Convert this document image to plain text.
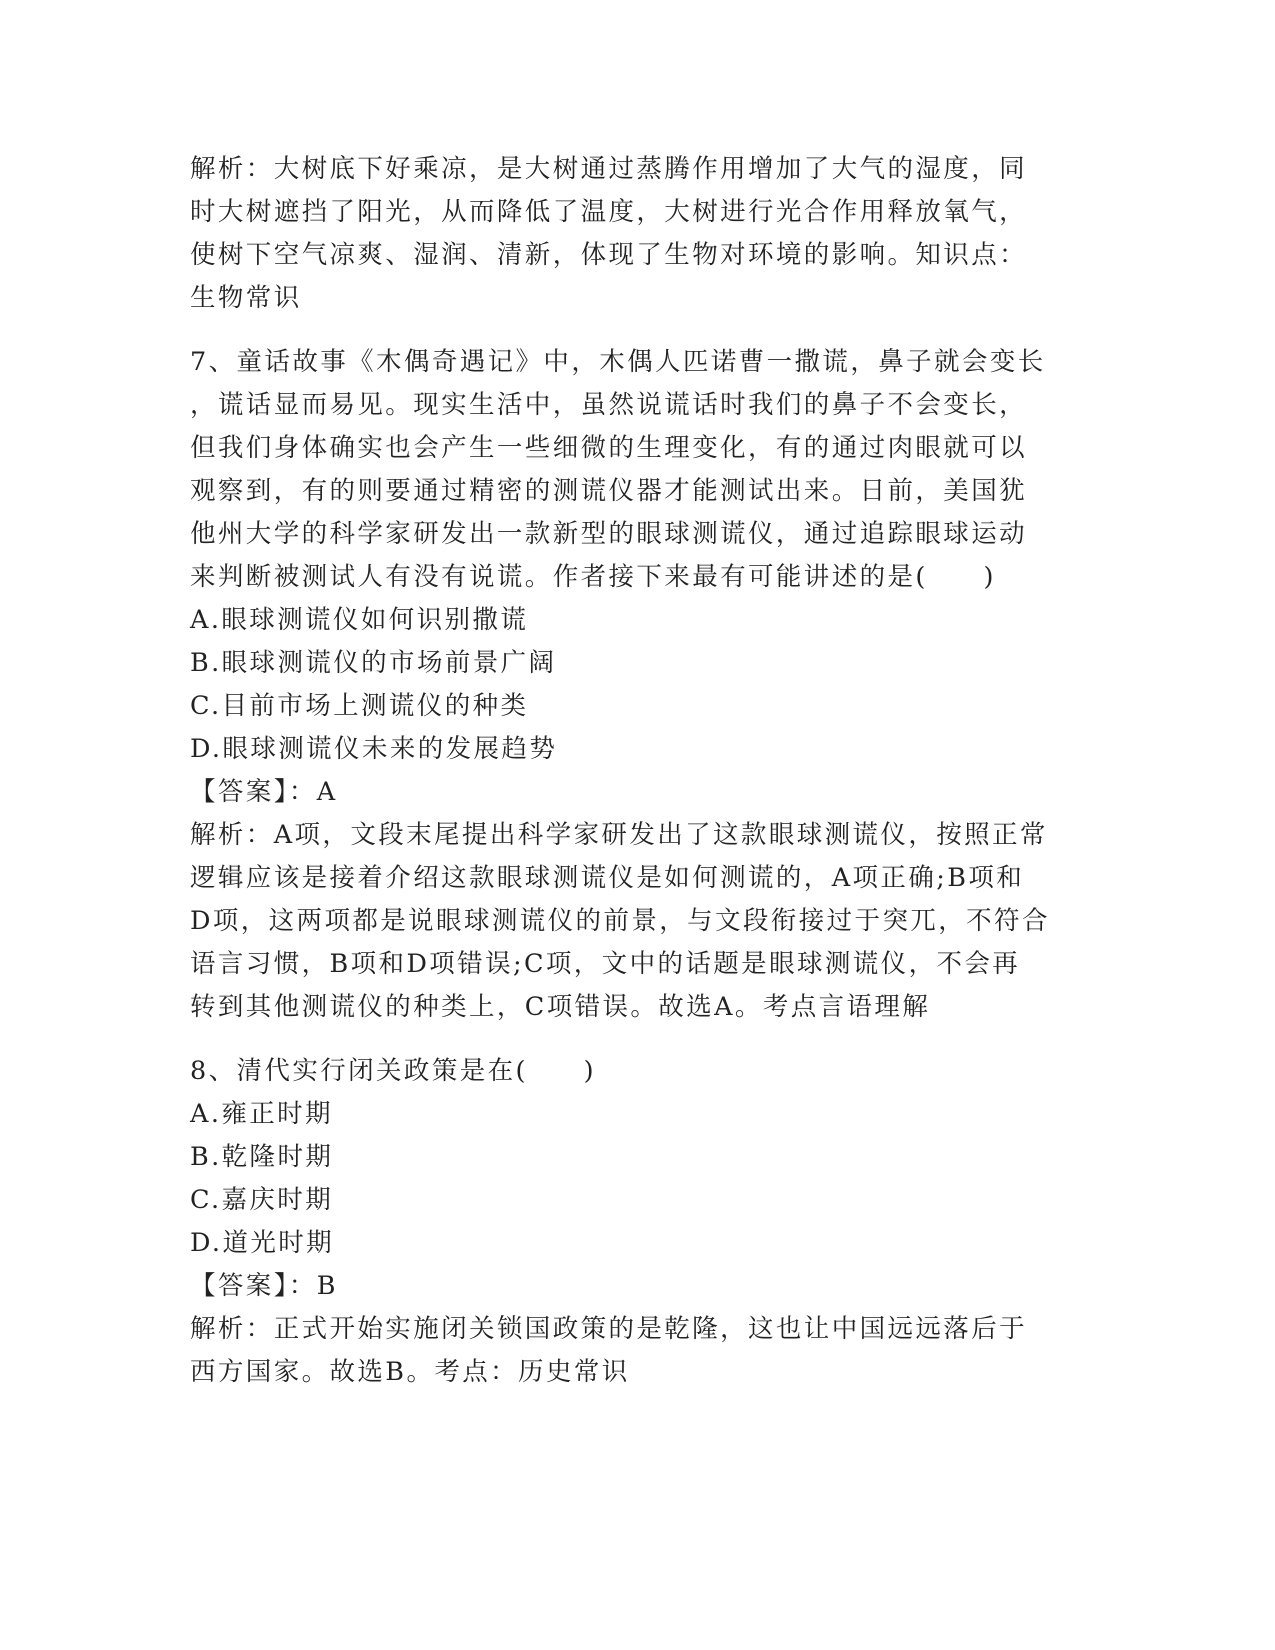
解析：大树底下好乘凉，是大树通过蒸腾作用增加了大气的湿度，同
时大树遮挡了阳光，从而降低了温度，大树进行光合作用释放氧气，
使树下空气凉爽、湿润、清新，体现了生物对环境的影响。知识点：
生物常识
7、童话故事《木偶奇遇记》中，木偶人匹诺曹一撒谎，鼻子就会变长
，谎话显而易见。现实生活中，虽然说谎话时我们的鼻子不会变长，
但我们身体确实也会产生一些细微的生理变化，有的通过肉眼就可以
观察到，有的则要通过精密的测谎仪器才能测试出来。日前，美国犹
他州大学的科学家研发出一款新型的眼球测谎仪，通过追踪眼球运动
来判断被测试人有没有说谎。作者接下来最有可能讲述的是(　　)
A.眼球测谎仪如何识别撒谎
B.眼球测谎仪的市场前景广阔
C.目前市场上测谎仪的种类
D.眼球测谎仪未来的发展趋势
【答案】：A
解析：A项，文段末尾提出科学家研发出了这款眼球测谎仪，按照正常
逻辑应该是接着介绍这款眼球测谎仪是如何测谎的，A项正确;B项和
D项，这两项都是说眼球测谎仪的前景，与文段衔接过于突兀，不符合
语言习惯，B项和D项错误;C项，文中的话题是眼球测谎仪，不会再
转到其他测谎仪的种类上，C项错误。故选A。考点言语理解
8、清代实行闭关政策是在(　　)
A.雍正时期
B.乾隆时期
C.嘉庆时期
D.道光时期
【答案】：B
解析：正式开始实施闭关锁国政策的是乾隆，这也让中国远远落后于
西方国家。故选B。考点：历史常识
